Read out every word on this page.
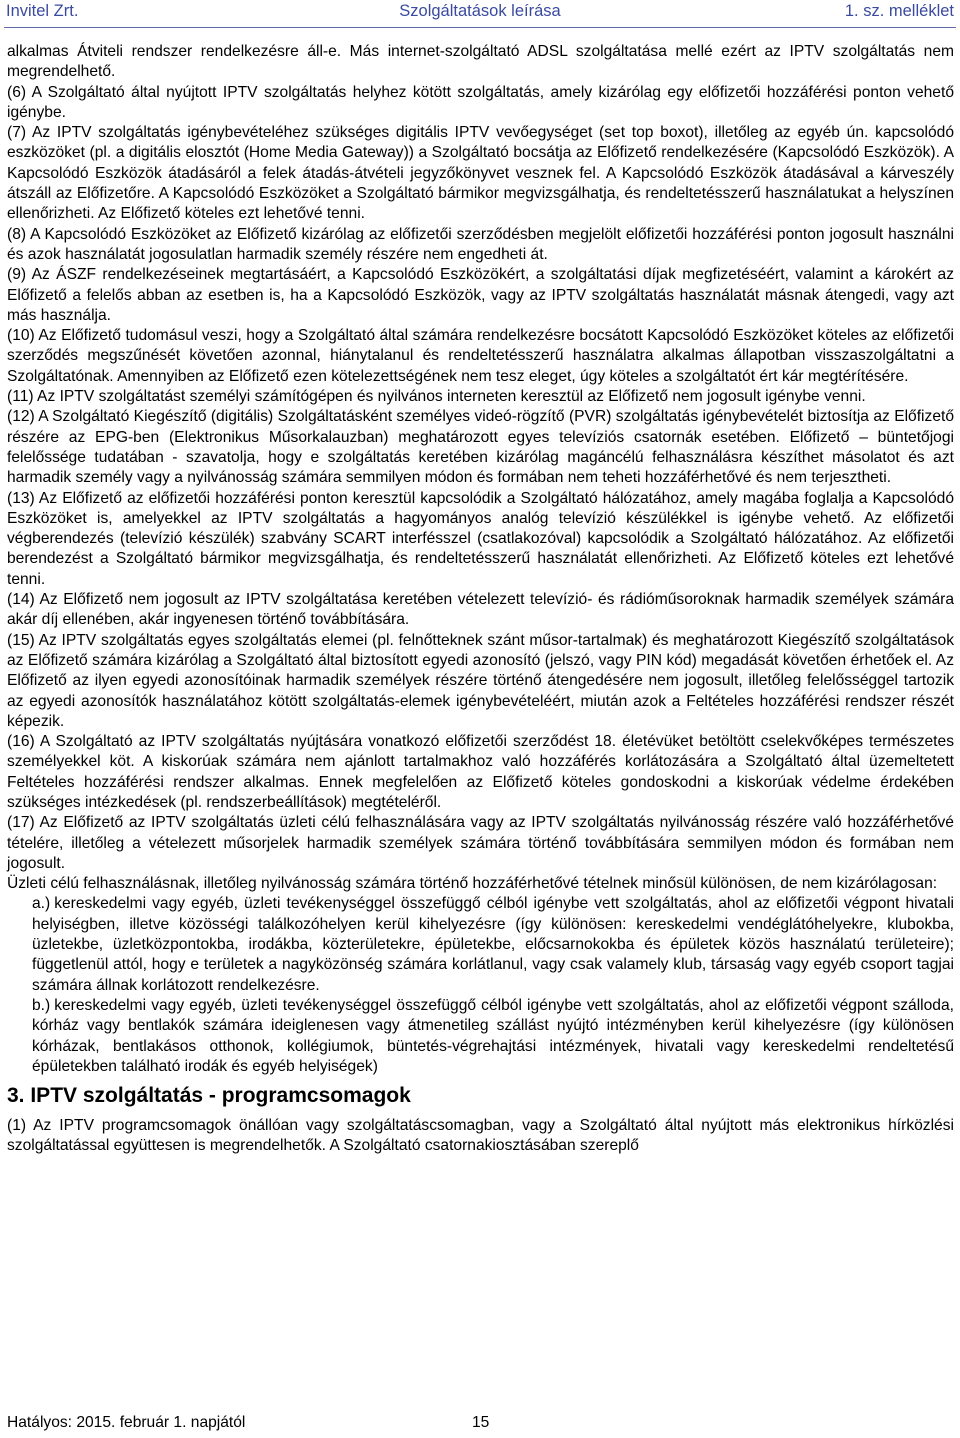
Invitel Zrt.	Szolgáltatások leírása	1. sz. melléklet

alkalmas Átviteli rendszer rendelkezésre áll-e. Más internet-szolgáltató ADSL szolgáltatása mellé ezért az IPTV szolgáltatás nem megrendelhető.

(6) A Szolgáltató által nyújtott IPTV szolgáltatás helyhez kötött szolgáltatás, amely kizárólag egy előfizetői hozzáférési ponton vehető igénybe.

(7) Az IPTV szolgáltatás igénybevételéhez szükséges digitális IPTV vevőegységet (set top boxot), illetőleg az egyéb ún. kapcsolódó eszközöket (pl. a digitális elosztót (Home Media Gateway)) a Szolgáltató bocsátja az Előfizető rendelkezésére (Kapcsolódó Eszközök). A Kapcsolódó Eszközök átadásáról a felek átadás-átvételi jegyzőkönyvet vesznek fel. A Kapcsolódó Eszközök átadásával a kárveszély átszáll az Előfizetőre. A Kapcsolódó Eszközöket a Szolgáltató bármikor megvizsgálhatja, és rendeltetésszerű használatukat a helyszínen ellenőrizheti. Az Előfizető köteles ezt lehetővé tenni.

(8) A Kapcsolódó Eszközöket az Előfizető kizárólag az előfizetői szerződésben megjelölt előfizetői hozzáférési ponton jogosult használni és azok használatát jogosulatlan harmadik személy részére nem engedheti át.

(9) Az ÁSZF rendelkezéseinek megtartásáért, a Kapcsolódó Eszközökért, a szolgáltatási díjak megfizetéséért, valamint a károkért az Előfizető a felelős abban az esetben is, ha a Kapcsolódó Eszközök, vagy az IPTV szolgáltatás használatát másnak átengedi, vagy azt más használja.

(10) Az Előfizető tudomásul veszi, hogy a Szolgáltató által számára rendelkezésre bocsátott Kapcsolódó Eszközöket köteles az előfizetői szerződés megszűnését követően azonnal, hiánytalanul és rendeltetésszerű használatra alkalmas állapotban visszaszolgáltatni a Szolgáltatónak. Amennyiben az Előfizető ezen kötelezettségének nem tesz eleget, úgy köteles a szolgáltatót ért kár megtérítésére.

(11) Az IPTV szolgáltatást személyi számítógépen és nyilvános interneten keresztül az Előfizető nem jogosult igénybe venni.

(12) A Szolgáltató Kiegészítő (digitális) Szolgáltatásként személyes videó-rögzítő (PVR) szolgáltatás igénybevételét biztosítja az Előfizető részére az EPG-ben (Elektronikus Műsorkalauzban) meghatározott egyes televíziós csatornák esetében. Előfizető – büntetőjogi felelőssége tudatában - szavatolja, hogy e szolgáltatás keretében kizárólag magáncélú felhasználásra készíthet másolatot és azt harmadik személy vagy a nyilvánosság számára semmilyen módon és formában nem teheti hozzáférhetővé és nem terjesztheti.

(13) Az Előfizető az előfizetői hozzáférési ponton keresztül kapcsolódik a Szolgáltató hálózatához, amely magába foglalja a Kapcsolódó Eszközöket is, amelyekkel az IPTV szolgáltatás a hagyományos analóg televízió készülékkel is igénybe vehető. Az előfizetői végberendezés (televízió készülék) szabvány SCART interfésszel (csatlakozóval) kapcsolódik a Szolgáltató hálózatához. Az előfizetői berendezést a Szolgáltató bármikor megvizsgálhatja, és rendeltetésszerű használatát ellenőrizheti. Az Előfizető köteles ezt lehetővé tenni.

(14) Az Előfizető nem jogosult az IPTV szolgáltatása keretében vételezett televízió- és rádióműsoroknak harmadik személyek számára akár díj ellenében, akár ingyenesen történő továbbítására.

(15) Az IPTV szolgáltatás egyes szolgáltatás elemei (pl. felnőtteknek szánt műsor-tartalmak) és meghatározott Kiegészítő szolgáltatások az Előfizető számára kizárólag a Szolgáltató által biztosított egyedi azonosító (jelszó, vagy PIN kód) megadását követően érhetőek el. Az Előfizető az ilyen egyedi azonosítóinak harmadik személyek részére történő átengedésére nem jogosult, illetőleg felelősséggel tartozik az egyedi azonosítók használatához kötött szolgáltatás-elemek igénybevételéért, miután azok a Feltételes hozzáférési rendszer részét képezik.

(16) A Szolgáltató az IPTV szolgáltatás nyújtására vonatkozó előfizetői szerződést 18. életévüket betöltött cselekvőképes természetes személyekkel köt. A kiskorúak számára nem ajánlott tartalmakhoz való hozzáférés korlátozására a Szolgáltató által üzemeltetett Feltételes hozzáférési rendszer alkalmas. Ennek megfelelően az Előfizető köteles gondoskodni a kiskorúak védelme érdekében szükséges intézkedések (pl. rendszerbeállítások) megtételéről.

(17) Az Előfizető az IPTV szolgáltatás üzleti célú felhasználására vagy az IPTV szolgáltatás nyilvánosság részére való hozzáférhetővé tételére, illetőleg a vételezett műsorjelek harmadik személyek számára történő továbbítására semmilyen módon és formában nem jogosult.

Üzleti célú felhasználásnak, illetőleg nyilvánosság számára történő hozzáférhetővé tételnek minősül különösen, de nem kizárólagosan:

a.) kereskedelmi vagy egyéb, üzleti tevékenységgel összefüggő célból igénybe vett szolgáltatás, ahol az előfizetői végpont hivatali helyiségben, illetve közösségi találkozóhelyen kerül kihelyezésre (így különösen: kereskedelmi vendéglátóhelyekre, klubokba, üzletekbe, üzletközpontokba, irodákba, közterületekre, épületekbe, előcsarnokokba és épületek közös használatú területeire); függetlenül attól, hogy e területek a nagyközönség számára korlátlanul, vagy csak valamely klub, társaság vagy egyéb csoport tagjai számára állnak korlátozott rendelkezésre.

b.) kereskedelmi vagy egyéb, üzleti tevékenységgel összefüggő célból igénybe vett szolgáltatás, ahol az előfizetői végpont szálloda, kórház vagy bentlakók számára ideiglenesen vagy átmenetileg szállást nyújtó intézményben kerül kihelyezésre (így különösen kórházak, bentlakásos otthonok, kollégiumok, büntetés-végrehajtási intézmények, hivatali vagy kereskedelmi rendeltetésű épületekben található irodák és egyéb helyiségek)

3. IPTV szolgáltatás - programcsomagok

(1) Az IPTV programcsomagok önállóan vagy szolgáltatáscsomagban, vagy a Szolgáltató által nyújtott más elektronikus hírközlési szolgáltatással együttesen is megrendelhetők. A Szolgáltató csatornakiosztásában szereplő

Hatályos: 2015. február 1. napjától	15
